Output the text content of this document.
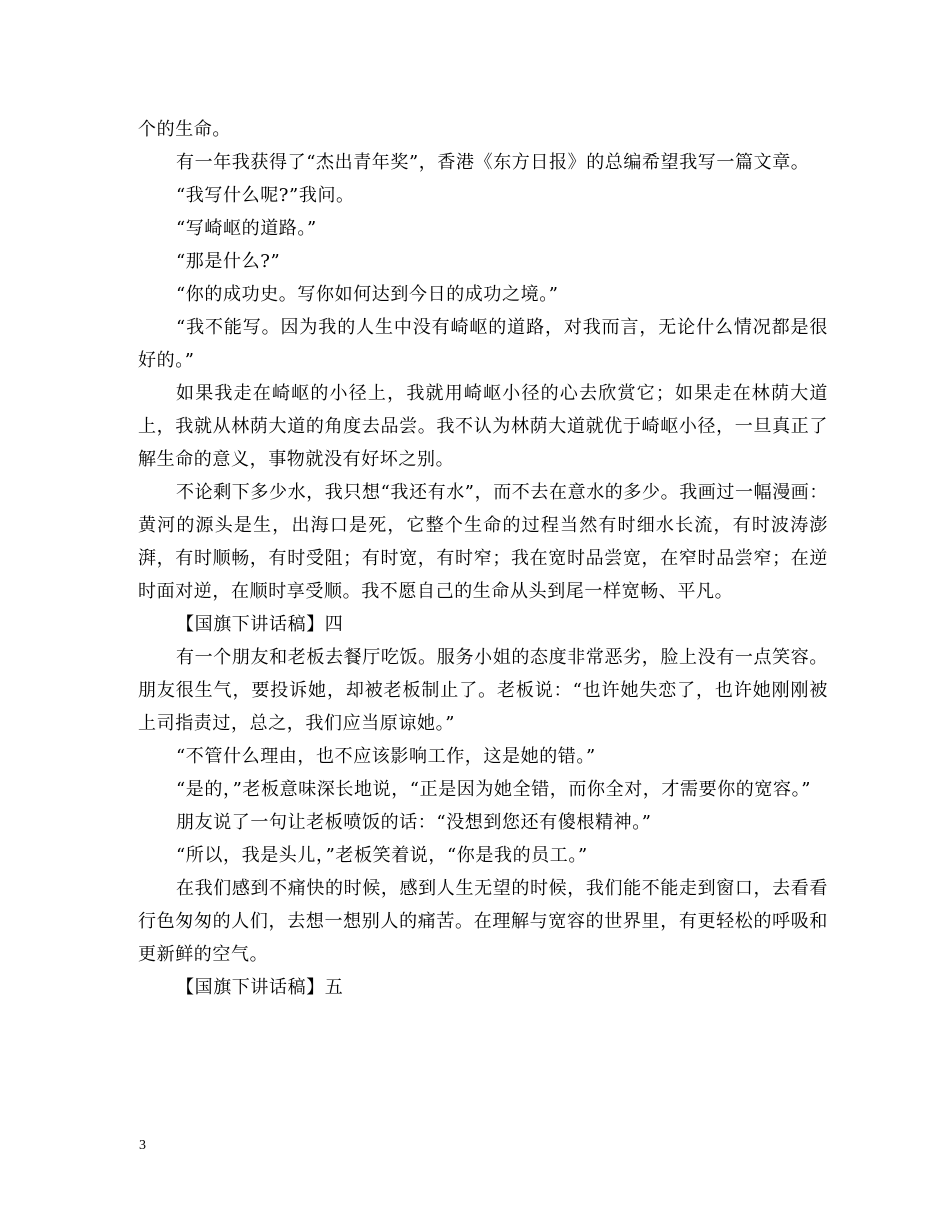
个的生命。

有一年我获得了“杰出青年奖”，香港《东方日报》的总编希望我写一篇文章。

“我写什么呢?”我问。

“写崎岖的道路。”

“那是什么?”

“你的成功史。写你如何达到今日的成功之境。”

“我不能写。因为我的人生中没有崎岖的道路，对我而言，无论什么情况都是很好的。”

如果我走在崎岖的小径上，我就用崎岖小径的心去欣赏它；如果走在林荫大道上，我就从林荫大道的角度去品尝。我不认为林荫大道就优于崎岖小径，一旦真正了解生命的意义，事物就没有好坏之别。

不论剩下多少水，我只想“我还有水”，而不去在意水的多少。我画过一幅漫画：黄河的源头是生，出海口是死，它整个生命的过程当然有时细水长流，有时波涛澎湃，有时顺畅，有时受阻；有时宽，有时窄；我在宽时品尝宽，在窄时品尝窄；在逆时面对逆，在顺时享受顺。我不愿自己的生命从头到尾一样宽畅、平凡。

【国旗下讲话稿】四

有一个朋友和老板去餐厅吃饭。服务小姐的态度非常恶劣，脸上没有一点笑容。朋友很生气，要投诉她，却被老板制止了。老板说：“也许她失恋了，也许她刚刚被上司指责过，总之，我们应当原谅她。”

“不管什么理由，也不应该影响工作，这是她的错。”

“是的，”老板意味深长地说，“正是因为她全错，而你全对，才需要你的宽容。”

朋友说了一句让老板喷饭的话：“没想到您还有傻根精神。”

“所以，我是头儿，”老板笑着说，“你是我的员工。”

在我们感到不痛快的时候，感到人生无望的时候，我们能不能走到窗口，去看看行色匆匆的人们，去想一想别人的痛苦。在理解与宽容的世界里，有更轻松的呼吸和更新鲜的空气。

【国旗下讲话稿】五

3
